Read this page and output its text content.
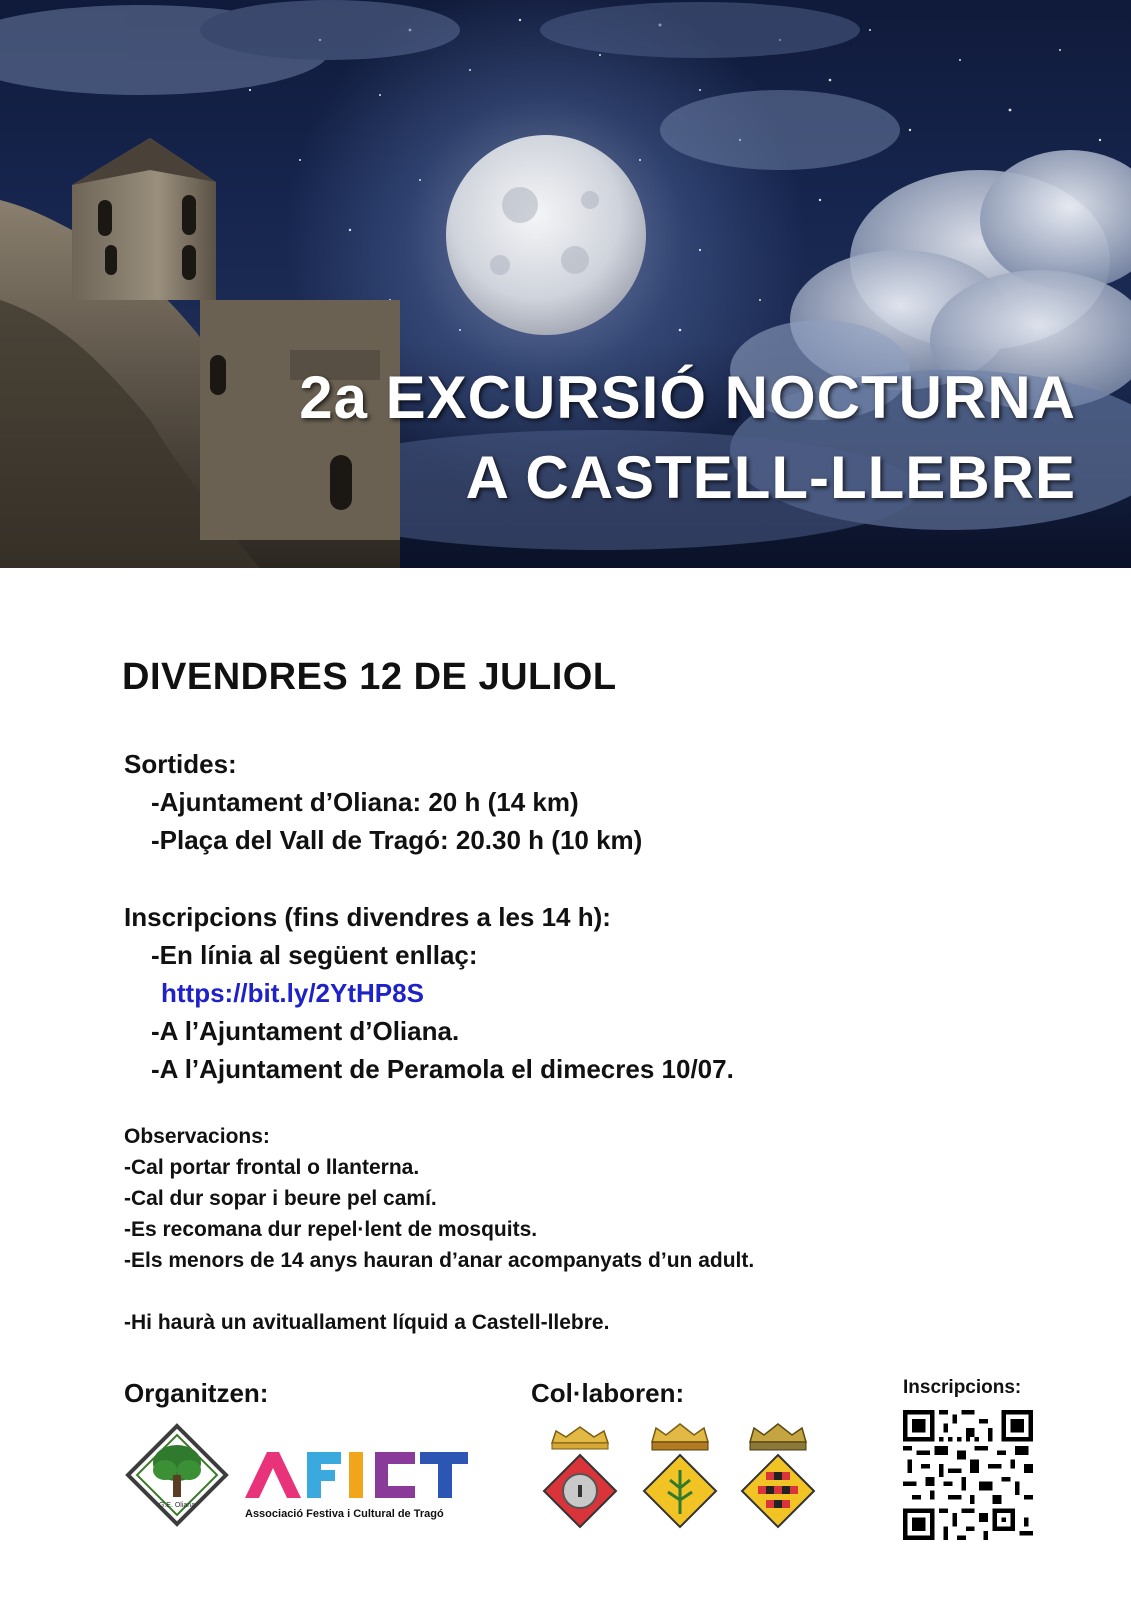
2a EXCURSIÓ NOCTURNA
A CASTELL-LLEBRE
DIVENDRES 12 DE JULIOL
Sortides:
-Ajuntament d’Oliana: 20 h (14 km)
-Plaça del Vall de Tragó: 20.30 h (10 km)
Inscripcions (fins divendres a les 14 h):
-En línia al següent enllaç:
https://bit.ly/2YtHP8S
-A l’Ajuntament d’Oliana.
-A l’Ajuntament de Peramola el dimecres 10/07.
Observacions:
-Cal portar frontal o llanterna.
-Cal dur sopar i beure pel camí.
-Es recomana dur repel·lent de mosquits.
-Els menors de 14 anys hauran d’anar acompanyats d’un adult.
-Hi haurà un avituallament líquid a Castell-llebre.
Organitzen:	Col·laboren:
G.E. Oliana
Associació Festiva i Cultural de Tragó
Inscripcions:
